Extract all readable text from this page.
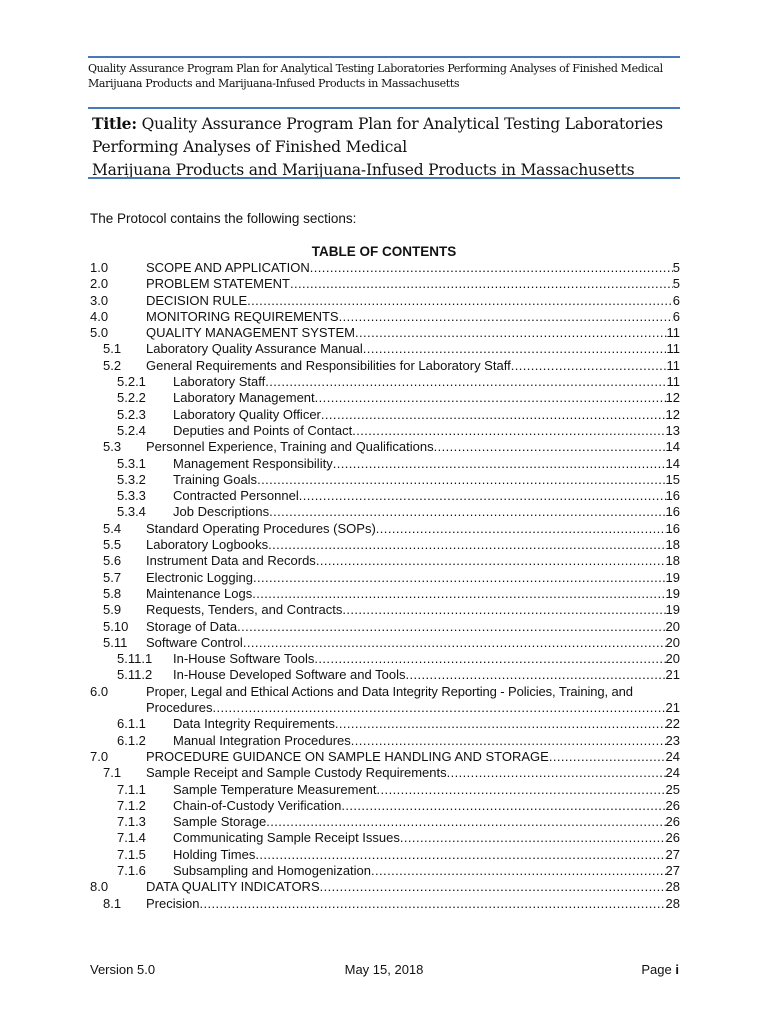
Quality Assurance Program Plan for Analytical Testing Laboratories Performing Analyses of Finished Medical
Marijuana Products and Marijuana-Infused Products in Massachusetts
Title: Quality Assurance Program Plan for Analytical Testing Laboratories
Performing Analyses of Finished Medical
Marijuana Products and Marijuana-Infused Products in Massachusetts
The Protocol contains the following sections:
TABLE OF CONTENTS
1.0	SCOPE AND APPLICATION .....	5
2.0	PROBLEM STATEMENT .....	5
3.0	DECISION RULE .....	6
4.0	MONITORING REQUIREMENTS .....	6
5.0	QUALITY MANAGEMENT SYSTEM .....	11
5.1 Laboratory Quality Assurance Manual .....	11
5.2 General Requirements and Responsibilities for Laboratory Staff .....	11
5.2.1 Laboratory Staff .....	11
5.2.2 Laboratory Management .....	12
5.2.3 Laboratory Quality Officer .....	12
5.2.4 Deputies and Points of Contact .....	13
5.3 Personnel Experience, Training and Qualifications .....	14
5.3.1 Management Responsibility .....	14
5.3.2 Training Goals .....	15
5.3.3 Contracted Personnel .....	16
5.3.4 Job Descriptions .....	16
5.4 Standard Operating Procedures (SOPs) .....	16
5.5 Laboratory Logbooks .....	18
5.6 Instrument Data and Records .....	18
5.7 Electronic Logging .....	19
5.8 Maintenance Logs .....	19
5.9 Requests, Tenders, and Contracts .....	19
5.10 Storage of Data .....	20
5.11 Software Control .....	20
5.11.1 In-House Software Tools .....	20
5.11.2 In-House Developed Software and Tools .....	21
6.0	Proper, Legal and Ethical Actions and Data Integrity Reporting - Policies, Training, and
Procedures .....	21
6.1.1 Data Integrity Requirements .....	22
6.1.2 Manual Integration Procedures .....	23
7.0	PROCEDURE GUIDANCE ON SAMPLE HANDLING AND STORAGE .....	24
7.1 Sample Receipt and Sample Custody Requirements .....	24
7.1.1 Sample Temperature Measurement .....	25
7.1.2 Chain-of-Custody Verification .....	26
7.1.3 Sample Storage .....	26
7.1.4 Communicating Sample Receipt Issues .....	26
7.1.5 Holding Times .....	27
7.1.6 Subsampling and Homogenization .....	27
8.0	DATA QUALITY INDICATORS .....	28
8.1 Precision .....	28
Version 5.0	May 15, 2018	Page i
